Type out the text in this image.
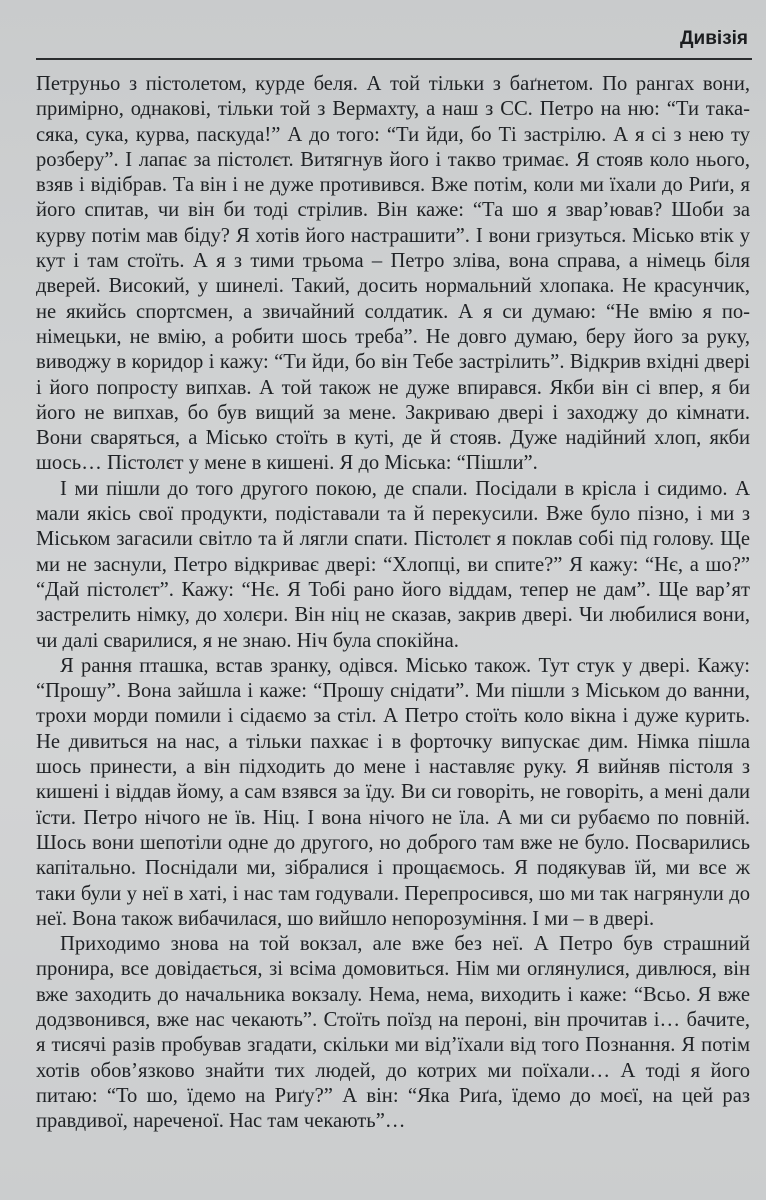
Дивізія

Петруньо з пістолетом, курде беля. А той тільки з баґнетом. По рангах вони, примірно, однакові, тільки той з Вермахту, а наш з СС. Петро на ню: “Ти така-сяка, сука, курва, паскуда!” А до того: “Ти йди, бо Ті застрілю. А я сі з нею ту розберу”. І лапає за пістолєт. Витягнув його і такво тримає. Я стояв коло нього, взяв і відібрав. Та він і не дуже противився. Вже потім, коли ми їхали до Риґи, я його спитав, чи він би тоді стрілив. Він каже: “Та шо я звар’ював? Шоби за курву потім мав біду? Я хотів його настрашити”. І вони гризуться. Місько втік у кут і там стоїть. А я з тими трьома – Петро зліва, вона справа, а німець біля дверей. Високий, у шинелі. Такий, досить нормальний хлопака. Не красунчик, не якийсь спортсмен, а звичайний солдатик. А я си думаю: “Не вмію я по-німецьки, не вмію, а робити шось треба”. Не довго думаю, беру його за руку, виводжу в коридор і кажу: “Ти йди, бо він Тебе застрілить”. Відкрив вхідні двері і його попросту випхав. А той також не дуже впирався. Якби він сі впер, я би його не випхав, бо був вищий за мене. Закриваю двері і заходжу до кімнати. Вони сваряться, а Місько стоїть в куті, де й стояв. Дуже надійний хлоп, якби шось… Пістолєт у мене в кишені. Я до Міська: “Пішли”.

І ми пішли до того другого покою, де спали. Посідали в крісла і сидимо. А мали якісь свої продукти, подіставали та й перекусили. Вже було пізно, і ми з Міськом загасили світло та й лягли спати. Пістолєт я поклав собі під голову. Ще ми не заснули, Петро відкриває двері: “Хлопці, ви спите?” Я кажу: “Нє, а шо?” “Дай пістолєт”. Кажу: “Нє. Я Тобі рано його віддам, тепер не дам”. Ще вар’ят застрелить німку, до холєри. Він ніц не сказав, закрив двері. Чи любилися вони, чи далі сварилися, я не знаю. Ніч була спокійна.

Я рання пташка, встав зранку, одівся. Місько також. Тут стук у двері. Кажу: “Прошу”. Вона зайшла і каже: “Прошу снідати”. Ми пішли з Міськом до ванни, трохи морди помили і сідаємо за стіл. А Петро стоїть коло вікна і дуже курить. Не дивиться на нас, а тільки пахкає і в форточку випускає дим. Німка пішла шось принести, а він підходить до мене і наставляє руку. Я вийняв пістоля з кишені і віддав йому, а сам взявся за їду. Ви си говоріть, не говоріть, а мені дали їсти. Петро нічого не їв. Ніц. І вона нічого не їла. А ми си рубаємо по повній. Шось вони шепотіли одне до другого, но доброго там вже не було. Посварились капітально. Поснідали ми, зібралися і прощаємось. Я подякував їй, ми все ж таки були у неї в хаті, і нас там годували. Перепросився, шо ми так нагрянули до неї. Вона також вибачилася, шо вийшло непорозуміння. І ми – в двері.

Приходимо знова на той вокзал, але вже без неї. А Петро був страшний пронира, все довідається, зі всіма домовиться. Нім ми оглянулися, дивлюся, він вже заходить до начальника вокзалу. Нема, нема, виходить і каже: “Всьо. Я вже додзвонився, вже нас чекають”. Стоїть поїзд на пероні, він прочитав і… бачите, я тисячі разів пробував згадати, скільки ми від’їхали від того Познання. Я потім хотів обов’язково знайти тих людей, до котрих ми поїхали… А тоді я його питаю: “То шо, їдемо на Риґу?” А він: “Яка Риґа, їдемо до моєї, на цей раз правдивої, нареченої. Нас там чекають”…
